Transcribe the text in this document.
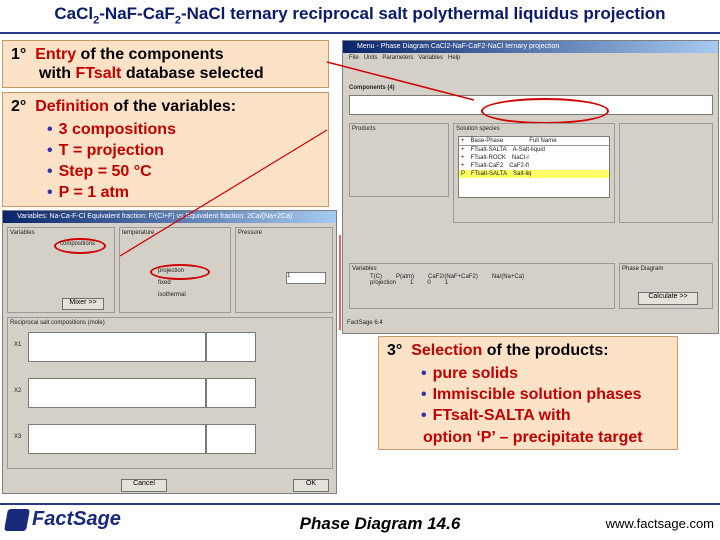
CaCl$_2$-NaF-CaF$_2$-NaCl ternary reciprocal salt polythermal liquidus projection
1° Entry of the components
with FTsalt database selected
2° Definition of the variables:
• 3 compositions
• T = projection
• Step = 50 °C
• P = 1 atm
Menu - Phase Diagram CaCl2-NaF-CaF2-NaCl ternary projection
File Units Parameters Variables Help
Components (4)
Products	Solution species
+ Base-Phase	Full Name
+ FTsalt-SALTA A-Salt-liquid
+ FTsalt-ROCK NaCl-r
+ FTsalt-CaF2 CaF2-fl
P FTsalt-SALTA Salt-liq
Variables
T(C) P(atm) CaF2/(NaF+CaF2) Na/(Na+Ca)
projection 1 0 1
Phase Diagram
Calculate >>
FactSage 6.4
Variables: Na-Ca-F-Cl Equivalent fraction: F/(Cl+F) vs Equivalent fraction: 2Ca/(Na+2Ca)
Variables
compositions
Mixer >>
temperature
projection
fixed
isothermal
Pressure
1
Reciprocal salt compositions (mole)
X1
X2
X3
Cancel	OK
3° Selection of the products:
• pure solids
• Immiscible solution phases
• FTsalt-SALTA with
option ‘P’ – precipitate target
FactSage	Phase Diagram 14.6	www.factsage.com
